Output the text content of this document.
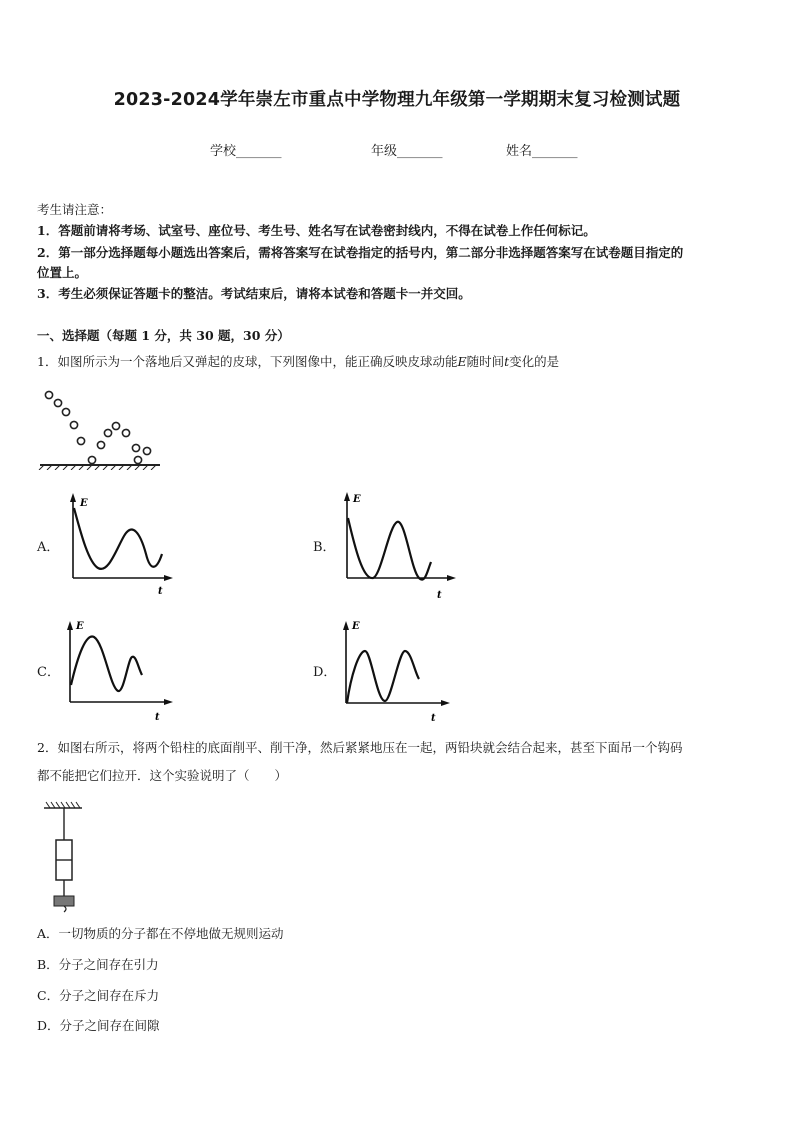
2023-2024学年崇左市重点中学物理九年级第一学期期末复习检测试题
学校_______	年级_______	姓名_______
考生请注意：
1．答题前请将考场、试室号、座位号、考生号、姓名写在试卷密封线内，不得在试卷上作任何标记。
2．第一部分选择题每小题选出答案后，需将答案写在试卷指定的括号内，第二部分非选择题答案写在试卷题目指定的
位置上。
3．考生必须保证答题卡的整洁。考试结束后，请将本试卷和答题卡一并交回。
一、选择题（每题 1 分，共 30 题，30 分）
1．如图所示为一个落地后又弹起的皮球，下列图像中，能正确反映皮球动能E随时间t变化的是
A．
E
t
B．
E
t
C．
E
t
D．
E
t
2．如图右所示，将两个铅柱的底面削平、削干净，然后紧紧地压在一起，两铅块就会结合起来，甚至下面吊一个钩码
都不能把它们拉开．这个实验说明了（　　）
A．一切物质的分子都在不停地做无规则运动
B．分子之间存在引力
C．分子之间存在斥力
D．分子之间存在间隙
